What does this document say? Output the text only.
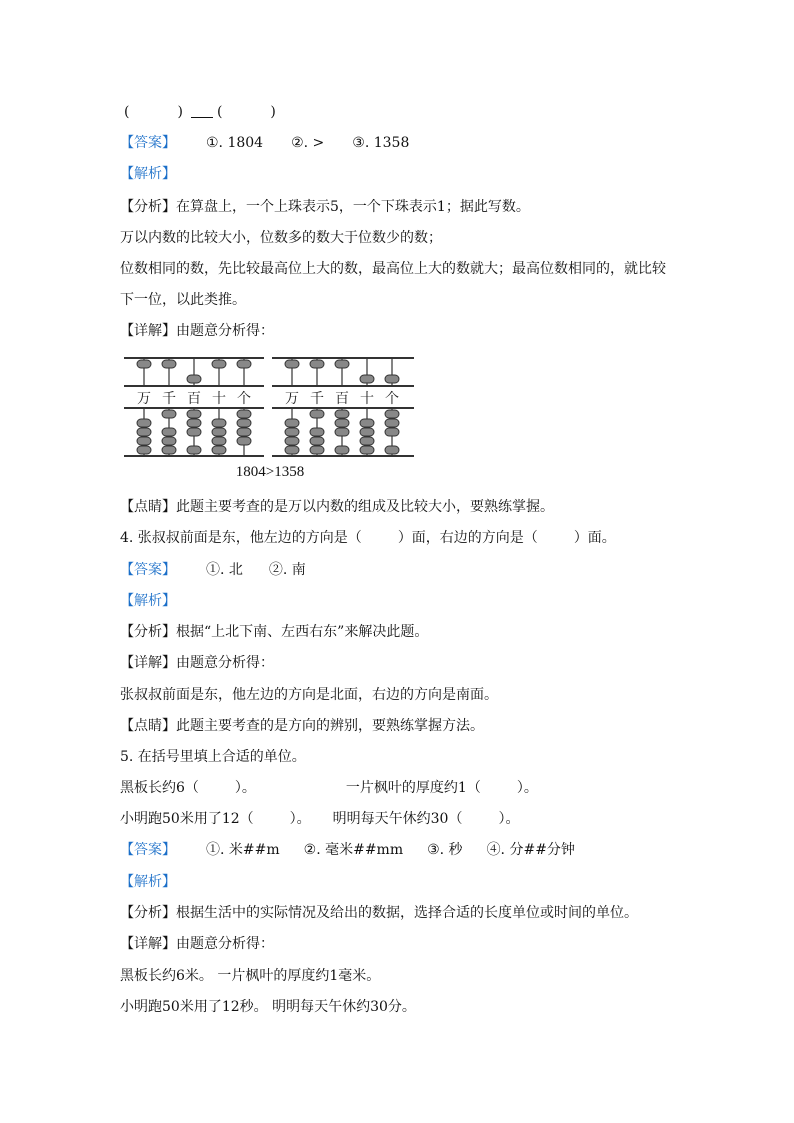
(	) (	)
【答案】 ①. 1804 ②. > ③. 1358
【解析】
【分析】在算盘上，一个上珠表示5，一个下珠表示1；据此写数。
万以内数的比较大小，位数多的数大于位数少的数；
位数相同的数，先比较最高位上大的数，最高位上大的数就大；最高位数相同的，就比较
下一位，以此类推。
【详解】由题意分析得：
万 千 百 十 个 万 千 百 十 个
1804>1358
【点睛】此题主要考查的是万以内数的组成及比较大小，要熟练掌握。
4. 张叔叔前面是东，他左边的方向是（	）面，右边的方向是（	）面。
【答案】 ①. 北 ②. 南
【解析】
【分析】根据“上北下南、左西右东”来解决此题。
【详解】由题意分析得：
张叔叔前面是东，他左边的方向是北面，右边的方向是南面。
【点睛】此题主要考查的是方向的辨别，要熟练掌握方法。
5. 在括号里填上合适的单位。
黑板长约6（	）。	一片枫叶的厚度约1（	）。
小明跑50米用了12（	）。 明明每天午休约30（	）。
【答案】 ①. 米##m ②. 毫米##mm ③. 秒 ④. 分##分钟
【解析】
【分析】根据生活中的实际情况及给出的数据，选择合适的长度单位或时间的单位。
【详解】由题意分析得：
黑板长约6米。 一片枫叶的厚度约1毫米。
小明跑50米用了12秒。 明明每天午休约30分。
